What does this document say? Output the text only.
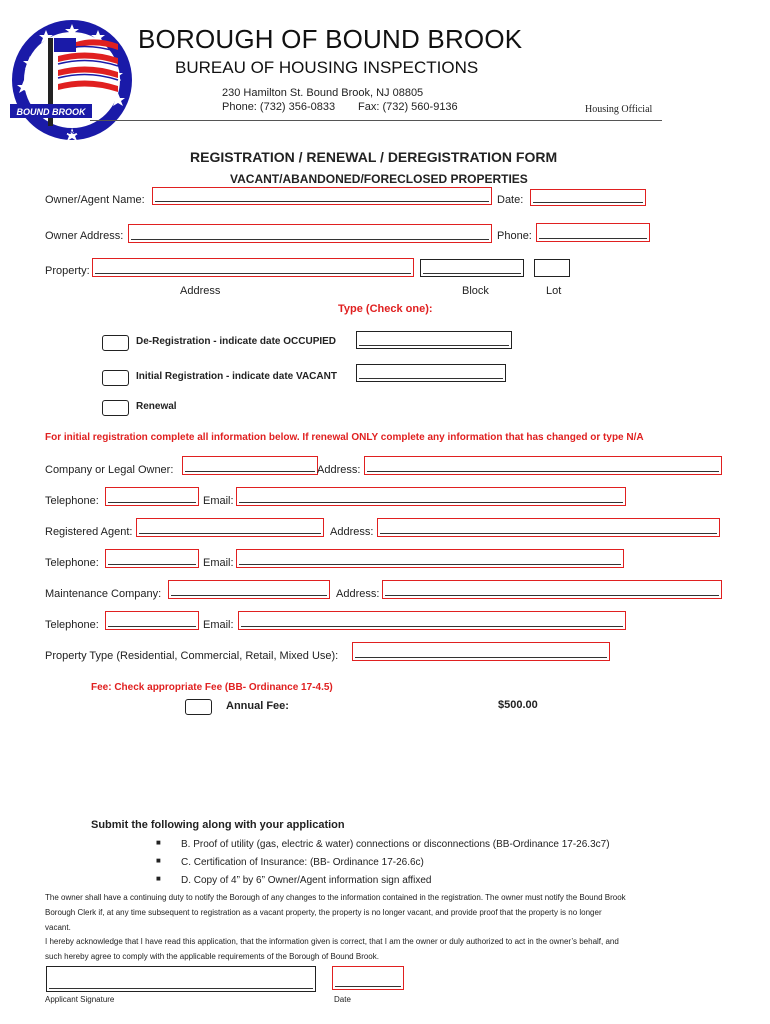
BOUND BROOK
1681
BOROUGH OF BOUND BROOK
BUREAU OF HOUSING INSPECTIONS
230 Hamilton St. Bound Brook, NJ 08805
Phone: (732) 356-0833 Fax: (732) 560-9136	Housing Official
REGISTRATION / RENEWAL / DEREGISTRATION FORM
VACANT/ABANDONED/FORECLOSED PROPERTIES
Owner/Agent Name:	Date:
Owner Address:	Phone:
Property:
Address	Block	Lot
Type (Check one):
De-Registration - indicate date OCCUPIED
Initial Registration - indicate date VACANT
Renewal
For initial registration complete all information below. If renewal ONLY complete any information that has changed or type N/A
Company or Legal Owner:	Address:
Telephone:	Email:
Registered Agent:	Address:
Telephone:	Email:
Maintenance Company:	Address:
Telephone:	Email:
Property Type (Residential, Commercial, Retail, Mixed Use):
Fee: Check appropriate Fee (BB- Ordinance 17-4.5)
Annual Fee:	$500.00
Submit the following along with your application
■ B. Proof of utility (gas, electric & water) connections or disconnections (BB-Ordinance 17-26.3c7)
■ C. Certification of Insurance: (BB- Ordinance 17-26.6c)
■ D. Copy of 4” by 6” Owner/Agent information sign affixed
The owner shall have a continuing duty to notify the Borough of any changes to the information contained in the registration. The owner must notify the Bound Brook
Borough Clerk if, at any time subsequent to registration as a vacant property, the property is no longer vacant, and provide proof that the property is no longer
vacant.
I hereby acknowledge that I have read this application, that the information given is correct, that I am the owner or duly authorized to act in the owner’s behalf, and
such hereby agree to comply with the applicable requirements of the Borough of Bound Brook.
Applicant Signature	Date
